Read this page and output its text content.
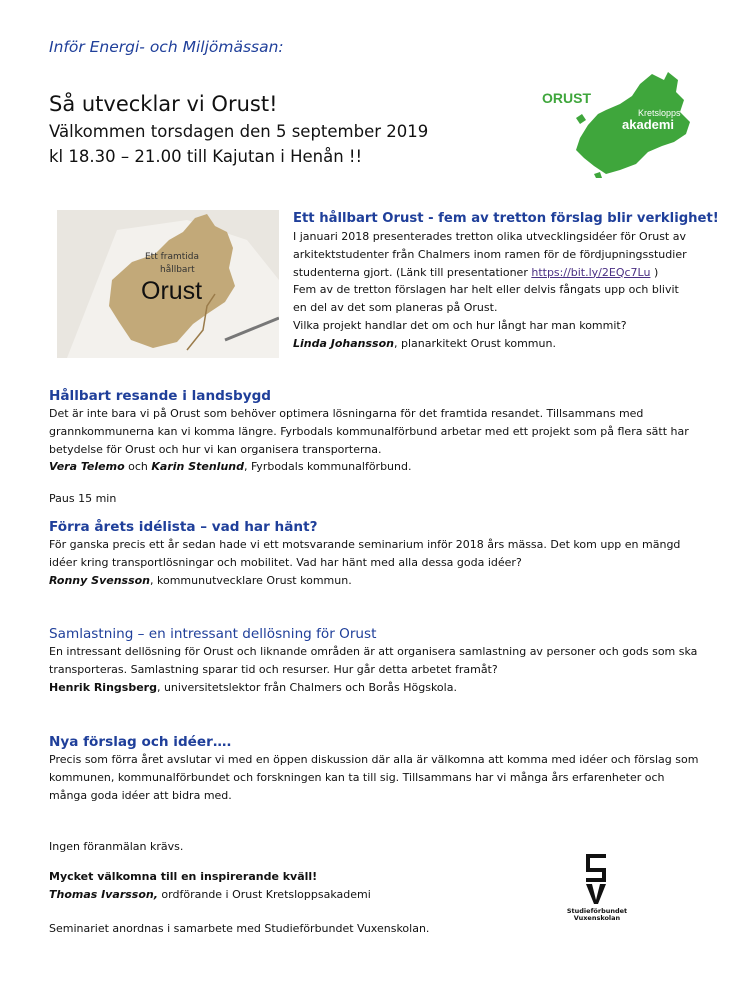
Inför Energi- och Miljömässan:
Så utvecklar vi Orust!
Välkommen torsdagen den 5 september 2019
kl 18.30 – 21.00 till Kajutan i Henån !!
ORUST
Kretslopps
akademi
Ett framtida
hållbart
Orust
Ett hållbart Orust - fem av tretton förslag blir verklighet!

I januari 2018 presenterades tretton olika utvecklingsidéer för Orust av

arkitektstudenter från Chalmers inom ramen för de fördjupningsstudier

studenterna gjort. (Länk till presentationer https://bit.ly/2EQc7Lu )

Fem av de tretton förslagen har helt eller delvis fångats upp och blivit

en del av det som planeras på Orust.

Vilka projekt handlar det om och hur långt har man kommit?

Linda Johansson, planarkitekt Orust kommun.

Hållbart resande i landsbygd

Det är inte bara vi på Orust som behöver optimera lösningarna för det framtida resandet. Tillsammans med

grannkommunerna kan vi komma längre. Fyrbodals kommunalförbund arbetar med ett projekt som på flera sätt har

betydelse för Orust och hur vi kan organisera transporterna.

Vera Telemo och Karin Stenlund, Fyrbodals kommunalförbund.

Paus 15 min
Förra årets idélista – vad har hänt?

För ganska precis ett år sedan hade vi ett motsvarande seminarium inför 2018 års mässa. Det kom upp en mängd

idéer kring transportlösningar och mobilitet. Vad har hänt med alla dessa goda idéer?

Ronny Svensson, kommunutvecklare Orust kommun.

Samlastning – en intressant dellösning för Orust

En intressant dellösning för Orust och liknande områden är att organisera samlastning av personer och gods som ska

transporteras. Samlastning sparar tid och resurser. Hur går detta arbetet framåt?

Henrik Ringsberg, universitetslektor från Chalmers och Borås Högskola.

Nya förslag och idéer….

Precis som förra året avslutar vi med en öppen diskussion där alla är välkomna att komma med idéer och förslag som

kommunen, kommunalförbundet och forskningen kan ta till sig. Tillsammans har vi många års erfarenheter och

många goda idéer att bidra med.

Ingen föranmälan krävs.
Mycket välkomna till en inspirerande kväll!
Thomas Ivarsson, ordförande i Orust Kretsloppsakademi
Seminariet anordnas i samarbete med Studieförbundet Vuxenskolan.
Studieförbundet
Vuxenskolan
